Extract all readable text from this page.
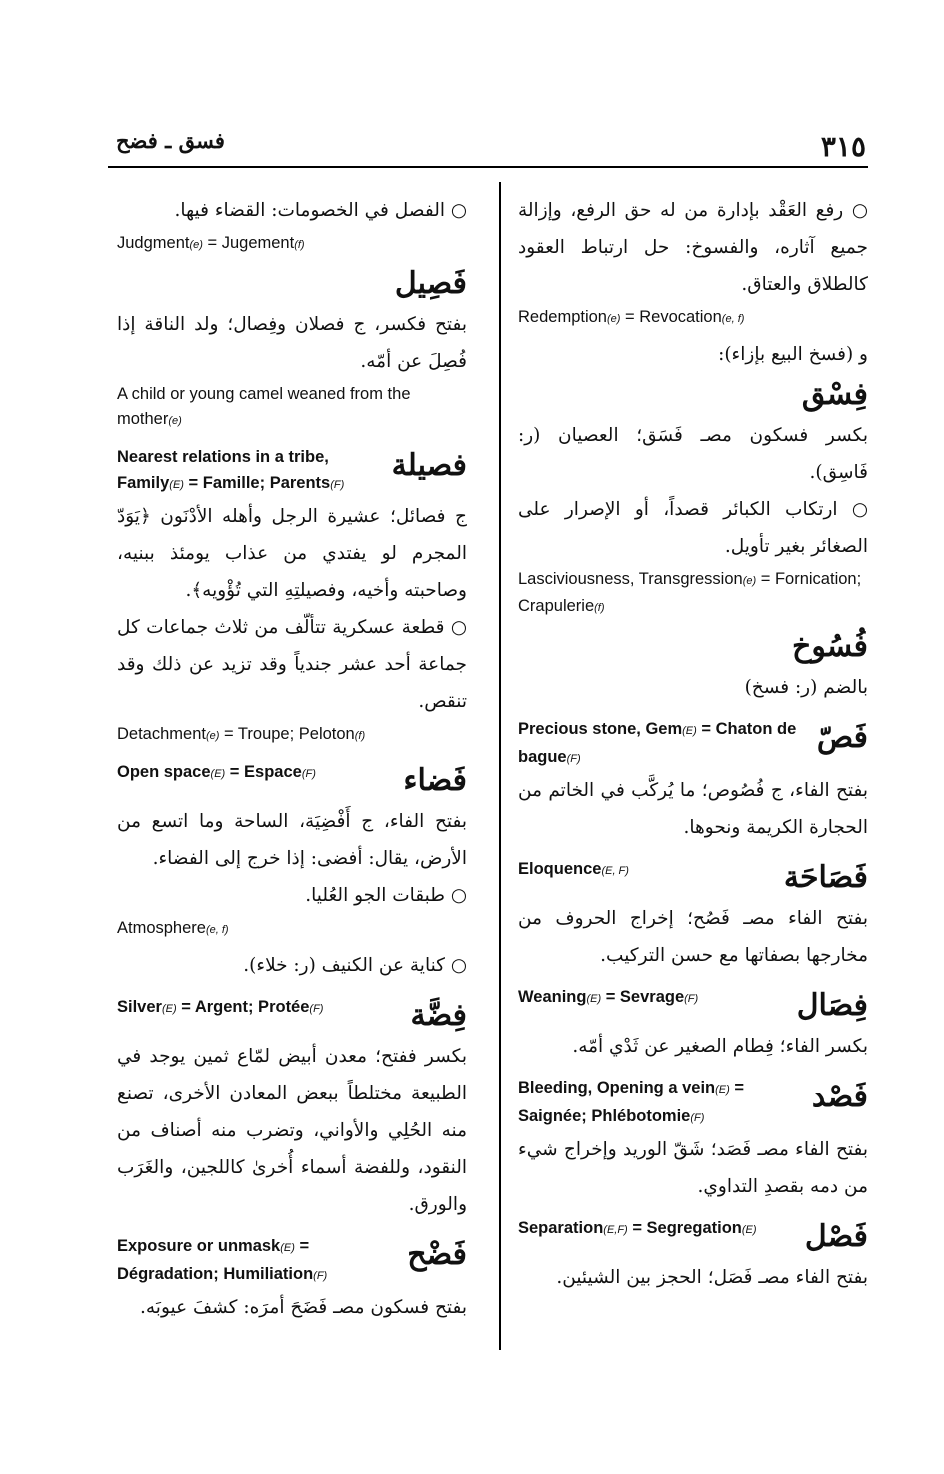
٣١٥
فسق ـ فضح
○ رفع العَقْد بإدارة من له حق الرفع، وإزالة جميع آثاره، والفسوخ: حل ارتباط العقود كالطلاق والعتاق.
Redemption(e) = Revocation(e, f)
و (فسخ البيع بإزاء):
فِسْق
بكسر فسكون مصـ فَسَق؛ العصيان (ر: فَاسِق).
○ ارتكاب الكبائر قصداً، أو الإصرار على الصغائر بغير تأويل.
Lasciviousness, Transgression(e) = Fornication; Crapulerie(f)
فُسُوخ
بالضم (ر: فسخ)
Precious stone, Gem(E) = Chaton de bague(F)
فَصّ
بفتح الفاء، ج فُصُوص؛ ما يُركَّب في الخاتم من الحجارة الكريمة ونحوها.
Eloquence(E, F)	فَصَاحَة
بفتح الفاء مصـ فَصُح؛ إخراج الحروف من مخارجها بصفاتها مع حسن التركيب.
Weaning(E) = Sevrage(F)	فِصَال
بكسر الفاء؛ فِطام الصغير عن ثَدْي أمّه.
Bleeding, Opening a vein(E) = Saignée; Phlébotomie(F)
فَصْد
بفتح الفاء مصـ فَصَد؛ شَقّ الوريد وإخراج شيء من دمه بقصدِ التداوي.
Separation(E,F) = Segregation(E)	فَصْل
بفتح الفاء مصـ فَصَل؛ الحجز بين الشيئين.
○ الفصل في الخصومات: القضاء فيها.
Judgment(e) = Jugement(f)
فَصِيل
بفتح فكسر، ج فصلان وفِصال؛ ولد الناقة إذا فُصِلَ عن أمّه.
A child or young camel weaned from the mother(e)
Nearest relations in a tribe, Family(E) = Famille; Parents(F)
فصيلة
ج فصائل؛ عشيرة الرجل وأهله الأدْنَون ﴿يَوَدّ المجرم لو يفتدي من عذاب يومئذ ببنيه، وصاحبته وأخيه، وفصيلتِهِ التي تُؤْويه﴾.
○ قطعة عسكرية تتألّف من ثلاث جماعات كل جماعة أحد عشر جندياً وقد تزيد عن ذلك وقد تنقص.
Detachment(e) = Troupe; Peloton(f)
Open space(E) = Espace(F)	فَضاء
بفتح الفاء، ج أَفْضِيَة، الساحة وما اتسع من الأرض، يقال: أفضى: إذا خرج إلى الفضاء.
○ طبقات الجو العُليا.
Atmosphere(e, f)
○ كناية عن الكنيف (ر: خلاء).
Silver(E) = Argent; Protée(F)	فِضَّة
بكسر ففتح؛ معدن أبيض لمّاع ثمين يوجد في الطبيعة مختلطاً ببعض المعادن الأخرى، تصنع منه الحُلِي والأواني، وتضرب منه أصناف من النقود، وللفضة أسماء أُخرىٰ كاللجين، والغَرَب والورق.
Exposure or unmask(E) = Dégradation; Humiliation(F)
فَضْح
بفتح فسكون مصـ فَضَحَ أمرَه: كشفَ عيوبَه.
